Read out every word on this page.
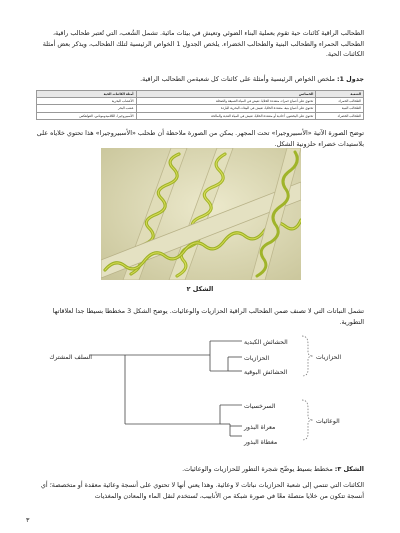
الطحالب الراقية كائنات حية تقوم بعملية البناء الضوئي وتعيش في بيئات مائية. تشمل الشُعب، التي تُعتبر طحالب راقية، الطحالب الحمراء والطحالب البنية والطحالب الخضراء. يلخص الجدول 1 الخواص الرئيسية لتلك الطحالب، ويذكر بعض أمثلة الكائنات الحية.

جدول 1: ملخص الخواص الرئيسية وأمثلة على كائنات كل شعبةمن الطحالب الراقية.

الشعبة	الخصائص	أمثلة الكائنات الحية
الطحالب الحمراء	تحتوي على أصباغ حمراء، متعددة الخلايا، تعيش في المياه العميقة والضحلة	الأعشاب البحرية
الطحالب البنية	تحتوي على أصباغ بنية، متعددة الخلايا، تعيش في البيئات البحرية الباردة	عشب البحر
الطحالب الخضراء	تحتوي على اليخضور، أحادية أو متعددة الخلايا، تعيش في المياه العذبة والمالحة	الأسبيروجيرا، الكلاميدوموناس، الفولفكس

توضح الصورة الآتية «الأسبيروجيرا» تحت المجهر. يمكن من الصورة ملاحظة أن طحلب «الأسبيروجيرا» هذا تحتوي خلاياه على بلاستيدات خضراء حلزونية الشكل.

الشكل ٢

تشمل النباتات التي لا تصنف ضمن الطحالب الراقية الحزازيات والوعائيات. يوضح الشكل 3 مخططا بسيطا جدا لعلاقاتها التطورية.

السلف المشترك
الحشائش الكبدية
الحزازيات
الحشائش البوقية
السرخسيات
معراة البذور
مغطاة البذور
الحزازيات
الوعائيات

الشكل ٣: مخطط بسيط يوضّح شجرة التطور للحزازيات والوعائيات.

الكائنات التي تنتمي إلى شعبة الحزازيات نباتات لا وعائية. وهذا يعني أنها لا تحتوي على أنسجة وعائية معقدة أو متخصصة؛ أي أنسجة تتكون من خلايا متصلة معًا في صورة شبكة من الأنابيب، تُستخدم لنقل الماء والمعادن والمغذيات

٣
